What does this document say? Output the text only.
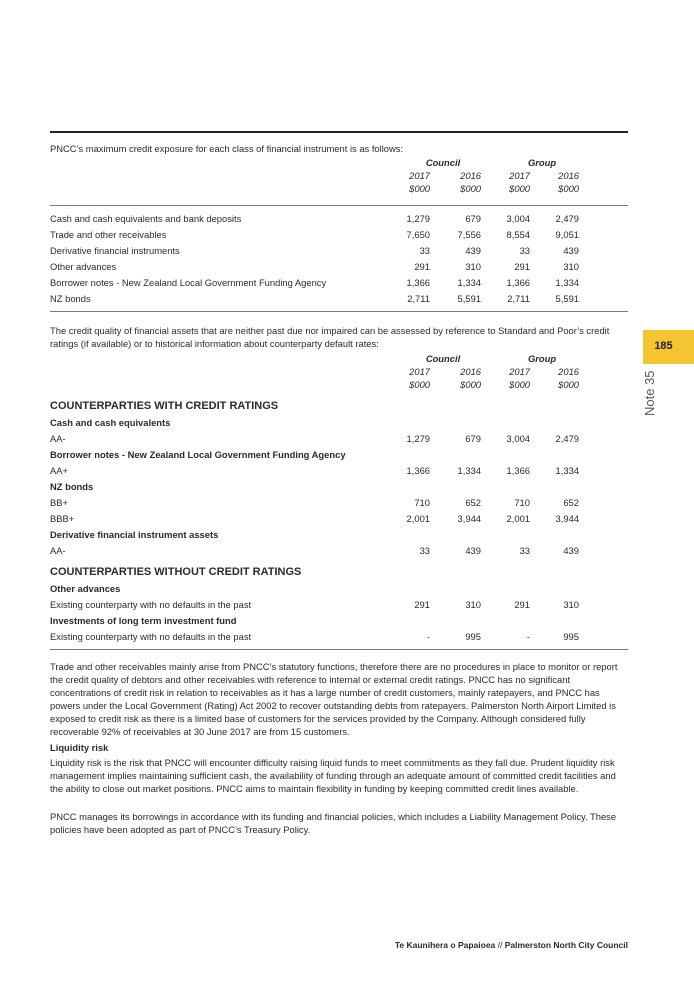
PNCC’s maximum credit exposure for each class of financial instrument is as follows:
Council	Group
2017	2016	2017	2016
$000	$000	$000	$000
Cash and cash equivalents and bank deposits	1,279	679	3,004	2,479
Trade and other receivables	7,650	7,556	8,554	9,051
Derivative financial instruments	33	439	33	439
Other advances	291	310	291	310
Borrower notes - New Zealand Local Government Funding Agency	1,366	1,334	1,366	1,334
NZ bonds	2,711	5,591	2,711	5,591
The credit quality of financial assets that are neither past due nor impaired can be assessed by reference to Standard and Poor’s credit ratings (if available) or to historical information about counterparty default rates:
Council	Group
2017	2016	2017	2016
$000	$000	$000	$000
COUNTERPARTIES WITH CREDIT RATINGS
Cash and cash equivalents
AA-	1,279	679	3,004	2,479
Borrower notes - New Zealand Local Government Funding Agency
AA+	1,366	1,334	1,366	1,334
NZ bonds
BB+	710	652	710	652
BBB+	2,001	3,944	2,001	3,944
Derivative financial instrument assets
AA-	33	439	33	439
COUNTERPARTIES WITHOUT CREDIT RATINGS
Other advances
Existing counterparty with no defaults in the past	291	310	291	310
Investments of long term investment fund
Existing counterparty with no defaults in the past	-	995	-	995
Trade and other receivables mainly arise from PNCC’s statutory functions, therefore there are no procedures in place to monitor or report the credit quality of debtors and other receivables with reference to internal or external credit ratings. PNCC has no significant concentrations of credit risk in relation to receivables as it has a large number of credit customers, mainly ratepayers, and PNCC has powers under the Local Government (Rating) Act 2002 to recover outstanding debts from ratepayers. Palmerston North Airport Limited is exposed to credit risk as there is a limited base of customers for the services provided by the Company. Although considered fully recoverable 92% of receivables at 30 June 2017 are from 15 customers.
Liquidity risk
Liquidity risk is the risk that PNCC will encounter difficulty raising liquid funds to meet commitments as they fall due. Prudent liquidity risk management implies maintaining sufficient cash, the availability of funding through an adequate amount of committed credit facilities and the ability to close out market positions. PNCC aims to maintain flexibility in funding by keeping committed credit lines available.
PNCC manages its borrowings in accordance with its funding and financial policies, which includes a Liability Management Policy. These policies have been adopted as part of PNCC’s Treasury Policy.
185
Note 35
Te Kaunihera o Papaioea // Palmerston North City Council
